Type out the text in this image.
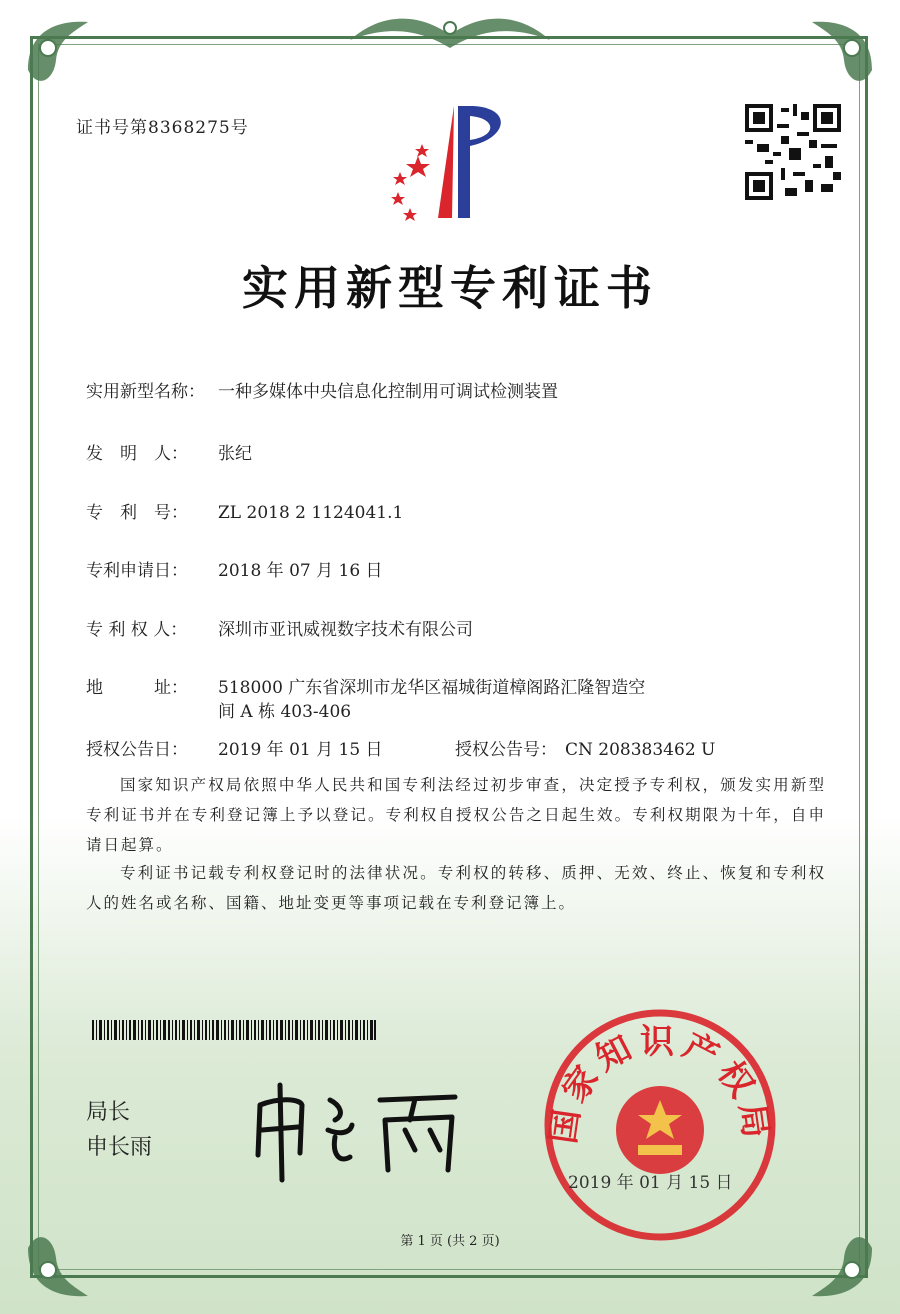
证书号第8368275号
实用新型专利证书
实用新型名称： 一种多媒体中央信息化控制用可调试检测装置
发　明　人： 张纪
专　利　号： ZL 2018 2 1124041.1
专利申请日： 2018 年 07 月 16 日
专 利 权 人： 深圳市亚讯威视数字技术有限公司
地　　　址： 518000 广东省深圳市龙华区福城街道樟阁路汇隆智造空
间 A 栋 403-406
授权公告日： 2019 年 01 月 15 日	授权公告号： CN 208383462 U
国家知识产权局依照中华人民共和国专利法经过初步审查，决定授予专利权，颁发实用新型专利证书并在专利登记簿上予以登记。专利权自授权公告之日起生效。专利权期限为十年，自申请日起算。
专利证书记载专利权登记时的法律状况。专利权的转移、质押、无效、终止、恢复和专利权人的姓名或名称、国籍、地址变更等事项记载在专利登记簿上。
局长
申长雨
国家知识产权局
2019 年 01 月 15 日
第 1 页 (共 2 页)
